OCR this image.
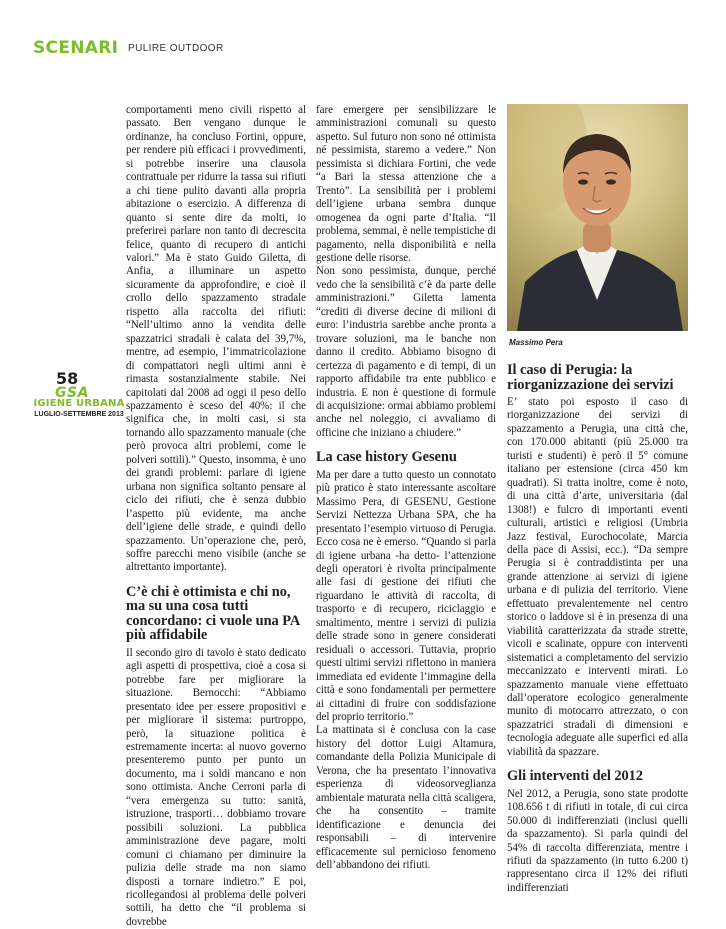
SCENARI PULIRE OUTDOOR
58
GSA
IGIENE URBANA
LUGLIO-SETTEMBRE 2013

comportamenti meno civili rispetto al passato. Ben vengano dunque le ordinanze, ha concluso Fortini, oppure, per rendere più efficaci i provvedimenti, si potrebbe inserire una clausola contrattuale per ridurre la tassa sui rifiuti a chi tiene pulito davanti alla propria abitazione o esercizio. A differenza di quanto si sente dire da molti, io preferirei parlare non tanto di decrescita felice, quanto di recupero di antichi valori.” Ma è stato Guido Giletta, di Anfia, a illuminare un aspetto sicuramente da approfondire, e cioè il crollo dello spazzamento stradale rispetto alla raccolta dei rifiuti: “Nell’ultimo anno la vendita delle spazzatrici stradali è calata del 39,7%, mentre, ad esempio, l’immatricolazione di compattatori negli ultimi anni è rimasta sostanzialmente stabile. Nei capitolati dal 2008 ad oggi il peso dello spazzamento è sceso del 40%: il che significa che, in molti casi, si sta tornando allo spazzamento manuale (che però provoca altri problemi, come le polveri sottili).” Questo, insomma, è uno dei grandi problemi: parlare di igiene urbana non significa soltanto pensare al ciclo dei rifiuti, che è senza dubbio l’aspetto più evidente, ma anche dell’igiene delle strade, e quindi dello spazzamento. Un’operazione che, però, soffre parecchi meno visibile (anche se altrettanto importante).

C’è chi è ottimista e chi no, ma su una cosa tutti concordano: ci vuole una PA più affidabile

Il secondo giro di tavolo è stato dedicato agli aspetti di prospettiva, cioè a cosa si potrebbe fare per migliorare la situazione. Bernocchi: “Abbiamo presentato idee per essere propositivi e per migliorare il sistema: purtroppo, però, la situazione politica è estremamente incerta: al nuovo governo presenteremo punto per punto un documento, ma i soldi mancano e non sono ottimista. Anche Cerroni parla di “vera emergenza su tutto: sanità, istruzione, trasporti… dobbiamo trovare possibili soluzioni. La pubblica amministrazione deve pagare, molti comuni ci chiamano per diminuire la pulizia delle strade ma non siamo disposti a tornare indietro.” E poi, ricollegandosi al problema delle polveri sottili, ha detto che “il problema si dovrebbe

fare emergere per sensibilizzare le amministrazioni comunali su questo aspetto. Sul futuro non sono né ottimista né pessimista, staremo a vedere.” Non pessimista si dichiara Fortini, che vede “a Bari la stessa attenzione che a Trento”. La sensibilità per i problemi dell’igiene urbana sembra dunque omogenea da ogni parte d’Italia. “Il problema, semmai, è nelle tempistiche di pagamento, nella disponibilità e nella gestione delle risorse.

Non sono pessimista, dunque, perché vedo che la sensibilità c’è da parte delle amministrazioni.” Giletta lamenta “crediti di diverse decine di milioni di euro: l’industria sarebbe anche pronta a trovare soluzioni, ma le banche non danno il credito. Abbiamo bisogno di certezza di pagamento e di tempi, di un rapporto affidabile tra ente pubblico e industria. E non è questione di formule di acquisizione: ormai abbiamo problemi anche nel noleggio, ci avvaliamo di officine che iniziano a chiudere.”

La case history Gesenu

Ma per dare a tutto questo un connotato più pratico è stato interessante ascoltare Massimo Pera, di GESENU, Gestione Servizi Nettezza Urbana SPA, che ha presentato l’esempio virtuoso di Perugia. Ecco cosa ne è emerso. “Quando si parla di igiene urbana -ha detto- l’attenzione degli operatori è rivolta principalmente alle fasi di gestione dei rifiuti che riguardano le attività di raccolta, di trasporto e di recupero, riciclaggio e smaltimento, mentre i servizi di pulizia delle strade sono in genere considerati residuali o accessori. Tuttavia, proprio questi ultimi servizi riflettono in maniera immediata ed evidente l’immagine della città e sono fondamentali per permettere ai cittadini di fruire con soddisfazione del proprio territorio.”

La mattinata si è conclusa con la case history del dottor Luigi Altamura, comandante della Polizia Municipale di Verona, che ha presentato l’innovativa esperienza di videosorveglianza ambientale maturata nella città scaligera, che ha consentito – tramite identificazione e denuncia dei responsabili – di intervenire efficacemente sul pernicioso fenomeno dell’abbandono dei rifiuti.

Massimo Pera
Il caso di Perugia: la riorganizzazione dei servizi

E’ stato poi esposto il caso di riorganizzazione dei servizi di spazzamento a Perugia, una città che, con 170.000 abitanti (più 25.000 tra turisti e studenti) è però il 5° comune italiano per estensione (circa 450 km quadrati). Si tratta inoltre, come è noto, di una città d’arte, universitaria (dal 1308!) e fulcro di importanti eventi culturali, artistici e religiosi (Umbria Jazz festival, Eurochocolate, Marcia della pace di Assisi, ecc.). “Da sempre Perugia si è contraddistinta per una grande attenzione ai servizi di igiene urbana e di pulizia del territorio. Viene effettuato prevalentemente nel centro storico o laddove si è in presenza di una viabilità caratterizzata da strade strette, vicoli e scalinate, oppure con interventi sistematici a completamento del servizio meccanizzato e interventi mirati. Lo spazzamento manuale viene effettuato dall’operatore ecologico generalmente munito di motocarro attrezzato, o con spazzatrici stradali di dimensioni e tecnologia adeguate alle superfici ed alla viabilità da spazzare.

Gli interventi del 2012

Nel 2012, a Perugia, sono state prodotte 108.656 t di rifiuti in totale, di cui circa 50.000 di indifferenziati (inclusi quelli da spazzamento). Si parla quindi del 54% di raccolta differenziata, mentre i rifiuti da spazzamento (in tutto 6.200 t) rappresentano circa il 12% dei rifiuti indifferenziati
